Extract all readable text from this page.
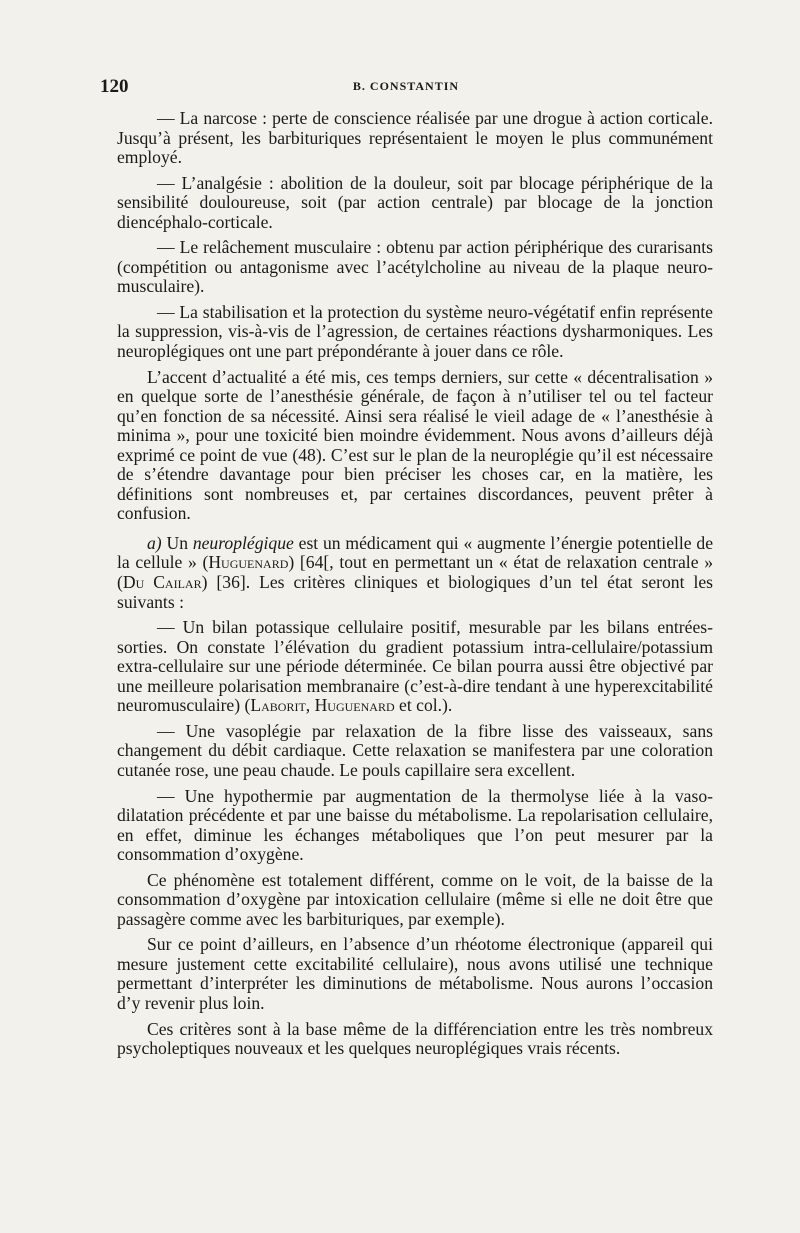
120	B. CONSTANTIN

— La narcose : perte de conscience réalisée par une drogue à action corticale. Jusqu’à présent, les barbituriques représentaient le moyen le plus communément employé.

— L’analgésie : abolition de la douleur, soit par blocage périphérique de la sensibilité douloureuse, soit (par action centrale) par blocage de la jonction diencéphalo-corticale.

— Le relâchement musculaire : obtenu par action périphérique des curarisants (compétition ou antagonisme avec l’acétylcholine au niveau de la plaque neuro-musculaire).

— La stabilisation et la protection du système neuro-végétatif enfin représente la suppression, vis-à-vis de l’agression, de certaines réactions dysharmoniques. Les neuroplégiques ont une part prépondérante à jouer dans ce rôle.

L’accent d’actualité a été mis, ces temps derniers, sur cette « décentralisation » en quelque sorte de l’anesthésie générale, de façon à n’utiliser tel ou tel facteur qu’en fonction de sa nécessité. Ainsi sera réalisé le vieil adage de « l’anesthésie à minima », pour une toxicité bien moindre évidemment. Nous avons d’ailleurs déjà exprimé ce point de vue (48). C’est sur le plan de la neuroplégie qu’il est nécessaire de s’étendre davantage pour bien préciser les choses car, en la matière, les définitions sont nombreuses et, par certaines discordances, peuvent prêter à confusion.

a) Un neuroplégique est un médicament qui « augmente l’énergie potentielle de la cellule » (Huguenard) [64[, tout en permettant un « état de relaxation centrale » (Du Cailar) [36]. Les critères cliniques et biologiques d’un tel état seront les suivants :

— Un bilan potassique cellulaire positif, mesurable par les bilans entrées-sorties. On constate l’élévation du gradient potassium intra-cellulaire/potassium extra-cellulaire sur une période déterminée. Ce bilan pourra aussi être objectivé par une meilleure polarisation membranaire (c’est-à-dire tendant à une hyperexcitabilité neuromusculaire) (Laborit, Huguenard et col.).

— Une vasoplégie par relaxation de la fibre lisse des vaisseaux, sans changement du débit cardiaque. Cette relaxation se manifestera par une coloration cutanée rose, une peau chaude. Le pouls capillaire sera excellent.

–– Une hypothermie par augmentation de la thermolyse liée à la vaso-dilatation précédente et par une baisse du métabolisme. La repolarisation cellulaire, en effet, diminue les échanges métaboliques que l’on peut mesurer par la consommation d’oxygène.

Ce phénomène est totalement différent, comme on le voit, de la baisse de la consommation d’oxygène par intoxication cellulaire (même si elle ne doit être que passagère comme avec les barbituriques, par exemple).

Sur ce point d’ailleurs, en l’absence d’un rhéotome électronique (appareil qui mesure justement cette excitabilité cellulaire), nous avons utilisé une technique permettant d’interpréter les diminutions de métabolisme. Nous aurons l’occasion d’y revenir plus loin.

Ces critères sont à la base même de la différenciation entre les très nombreux psycholeptiques nouveaux et les quelques neuroplégiques vrais récents.
